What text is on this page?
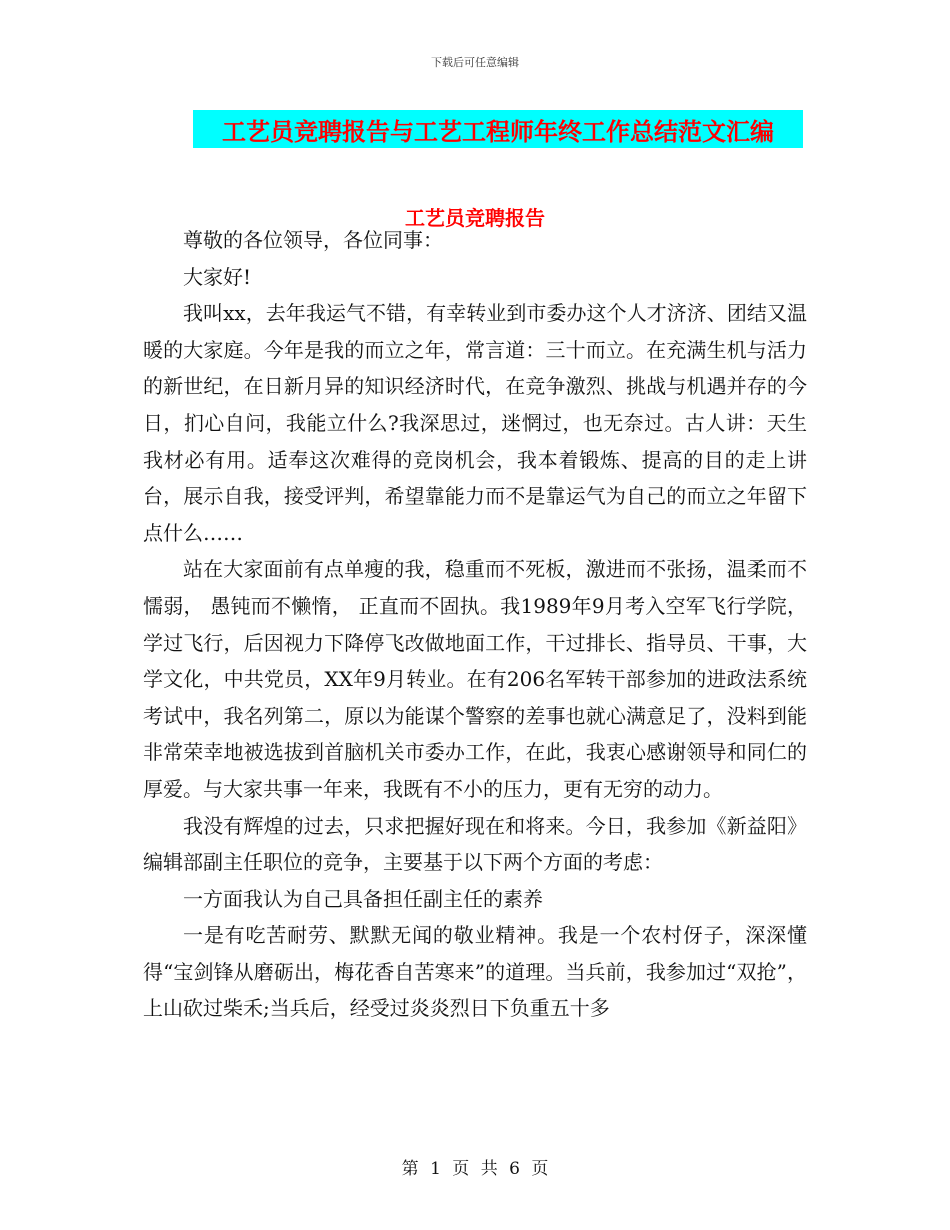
下载后可任意编辑
工艺员竞聘报告与工艺工程师年终工作总结范文汇编
工艺员竞聘报告

尊敬的各位领导，各位同事：

大家好!

我叫xx，去年我运气不错，有幸转业到市委办这个人才济济、团结又温暖的大家庭。今年是我的而立之年，常言道：三十而立。在充满生机与活力的新世纪，在日新月异的知识经济时代，在竞争激烈、挑战与机遇并存的今日，扪心自问，我能立什么?我深思过，迷惘过，也无奈过。古人讲：天生我材必有用。适奉这次难得的竞岗机会，我本着锻炼、提高的目的走上讲台，展示自我，接受评判，希望靠能力而不是靠运气为自己的而立之年留下点什么……

站在大家面前有点单瘦的我，稳重而不死板，激进而不张扬，温柔而不懦弱， 愚钝而不懒惰， 正直而不固执。我1989年9月考入空军飞行学院，学过飞行，后因视力下降停飞改做地面工作，干过排长、指导员、干事，大学文化，中共党员，XX年9月转业。在有206名军转干部参加的进政法系统考试中，我名列第二，原以为能谋个警察的差事也就心满意足了，没料到能非常荣幸地被选拔到首脑机关市委办工作，在此，我衷心感谢领导和同仁的厚爱。与大家共事一年来，我既有不小的压力，更有无穷的动力。

我没有辉煌的过去，只求把握好现在和将来。今日，我参加《新益阳》编辑部副主任职位的竞争，主要基于以下两个方面的考虑：

一方面我认为自己具备担任副主任的素养

一是有吃苦耐劳、默默无闻的敬业精神。我是一个农村伢子，深深懂得“宝剑锋从磨砺出，梅花香自苦寒来”的道理。当兵前，我参加过“双抢”，上山砍过柴禾;当兵后，经受过炎炎烈日下负重五十多

第 1 页 共 6 页
